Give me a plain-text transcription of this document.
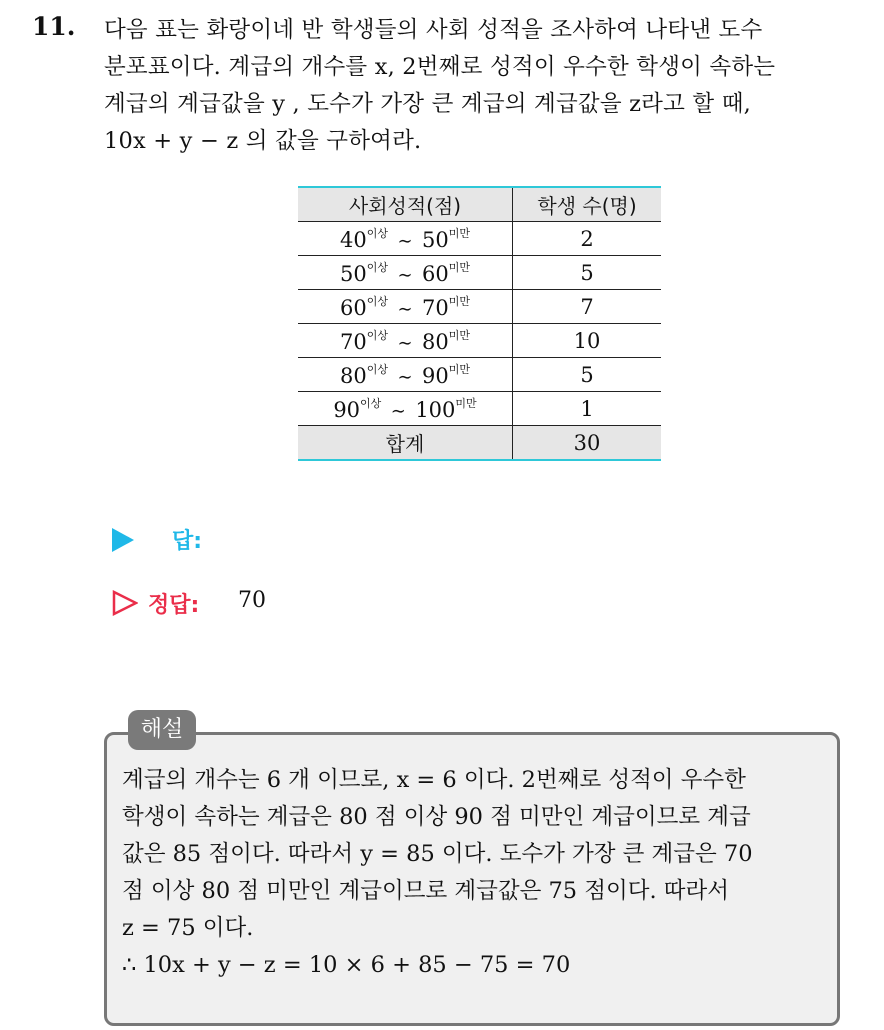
11. 다음 표는 화랑이네 반 학생들의 사회 성적을 조사하여 나타낸 도수
분포표이다. 계급의 개수를 x, 2번째로 성적이 우수한 학생이 속하는
계급의 계급값을 y , 도수가 가장 큰 계급의 계급값을 z라고 할 때,
10x + y − z 의 값을 구하여라.
사회성적(점)	학생 수(명)

$40^{이상}$ ∼ $50^{미만}$	2

$50^{이상}$ ∼ $60^{미만}$	5

$60^{이상}$ ∼ $70^{미만}$	7

$70^{이상}$ ∼ $80^{미만}$	10

$80^{이상}$ ∼ $90^{미만}$	5

$90^{이상}$ ∼ $100^{미만}$	1
합계	30
답:
정답: 70
해설
계급의 개수는 6 개 이므로, x = 6 이다. 2번째로 성적이 우수한
학생이 속하는 계급은 80 점 이상 90 점 미만인 계급이므로 계급
값은 85 점이다. 따라서 y = 85 이다. 도수가 가장 큰 계급은 70
점 이상 80 점 미만인 계급이므로 계급값은 75 점이다. 따라서
z = 75 이다.
∴ 10x + y − z = 10 × 6 + 85 − 75 = 70
